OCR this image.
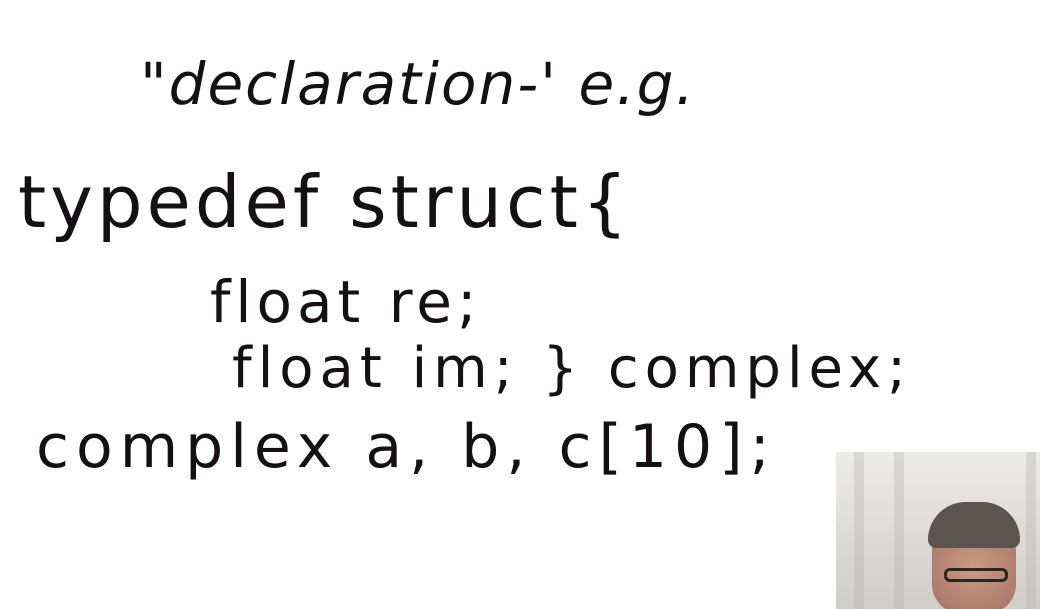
"declaration-' e.g.
typedef struct{
float re;
float im; } complex;
complex a, b, c[10];
